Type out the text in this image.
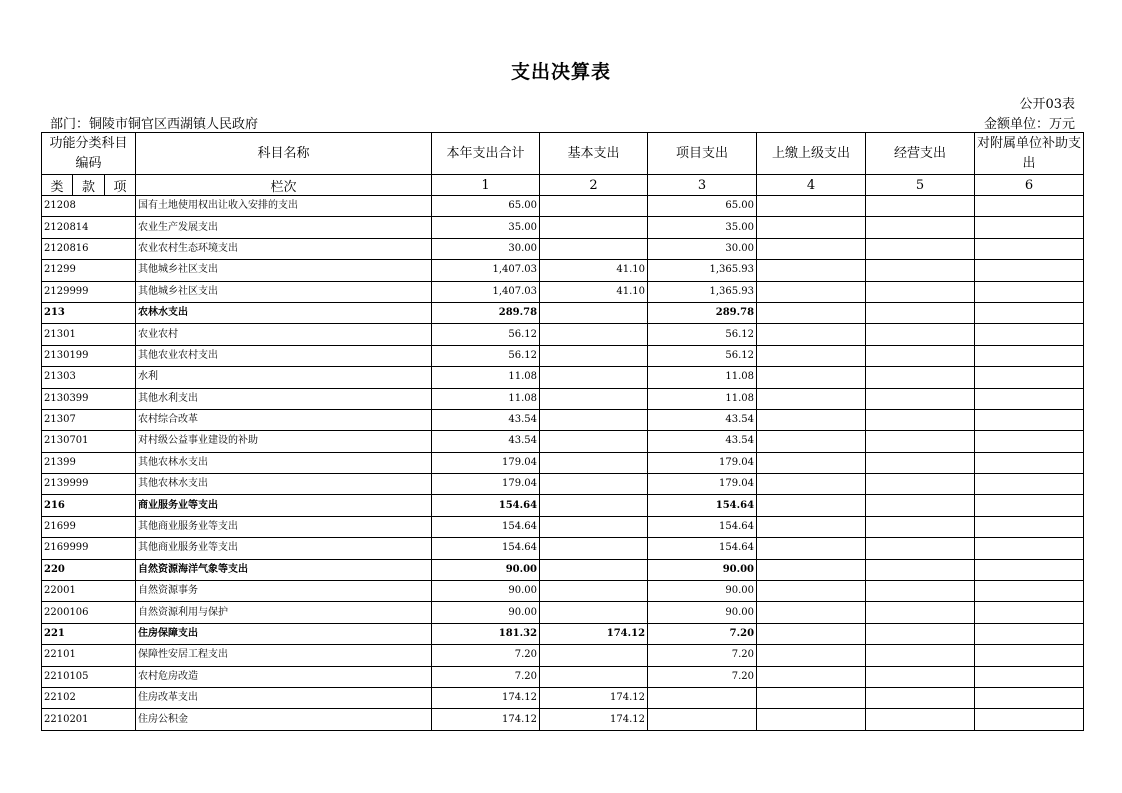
支出决算表
公开03表
部门：铜陵市铜官区西湖镇人民政府	金额单位：万元
功能分类科目编码			科目名称	本年支出合计	基本支出	项目支出	上缴上级支出	经营支出	对附属单位补助支出
类	款	项	栏次	1	2	3	4	5	6
21208			国有土地使用权出让收入安排的支出	65.00		65.00			
2120814			农业生产发展支出	35.00		35.00			
2120816			农业农村生态环境支出	30.00		30.00			
21299			其他城乡社区支出	1,407.03	41.10	1,365.93			
2129999			其他城乡社区支出	1,407.03	41.10	1,365.93			
213			农林水支出	289.78		289.78			
21301			农业农村	56.12		56.12			
2130199			其他农业农村支出	56.12		56.12			
21303			水利	11.08		11.08			
2130399			其他水利支出	11.08		11.08			
21307			农村综合改革	43.54		43.54			
2130701			对村级公益事业建设的补助	43.54		43.54			
21399			其他农林水支出	179.04		179.04			
2139999			其他农林水支出	179.04		179.04			
216			商业服务业等支出	154.64		154.64			
21699			其他商业服务业等支出	154.64		154.64			
2169999			其他商业服务业等支出	154.64		154.64			
220			自然资源海洋气象等支出	90.00		90.00			
22001			自然资源事务	90.00		90.00			
2200106			自然资源利用与保护	90.00		90.00			
221			住房保障支出	181.32	174.12	7.20			
22101			保障性安居工程支出	7.20		7.20			
2210105			农村危房改造	7.20		7.20			
22102			住房改革支出	174.12	174.12				
2210201			住房公积金	174.12	174.12				
